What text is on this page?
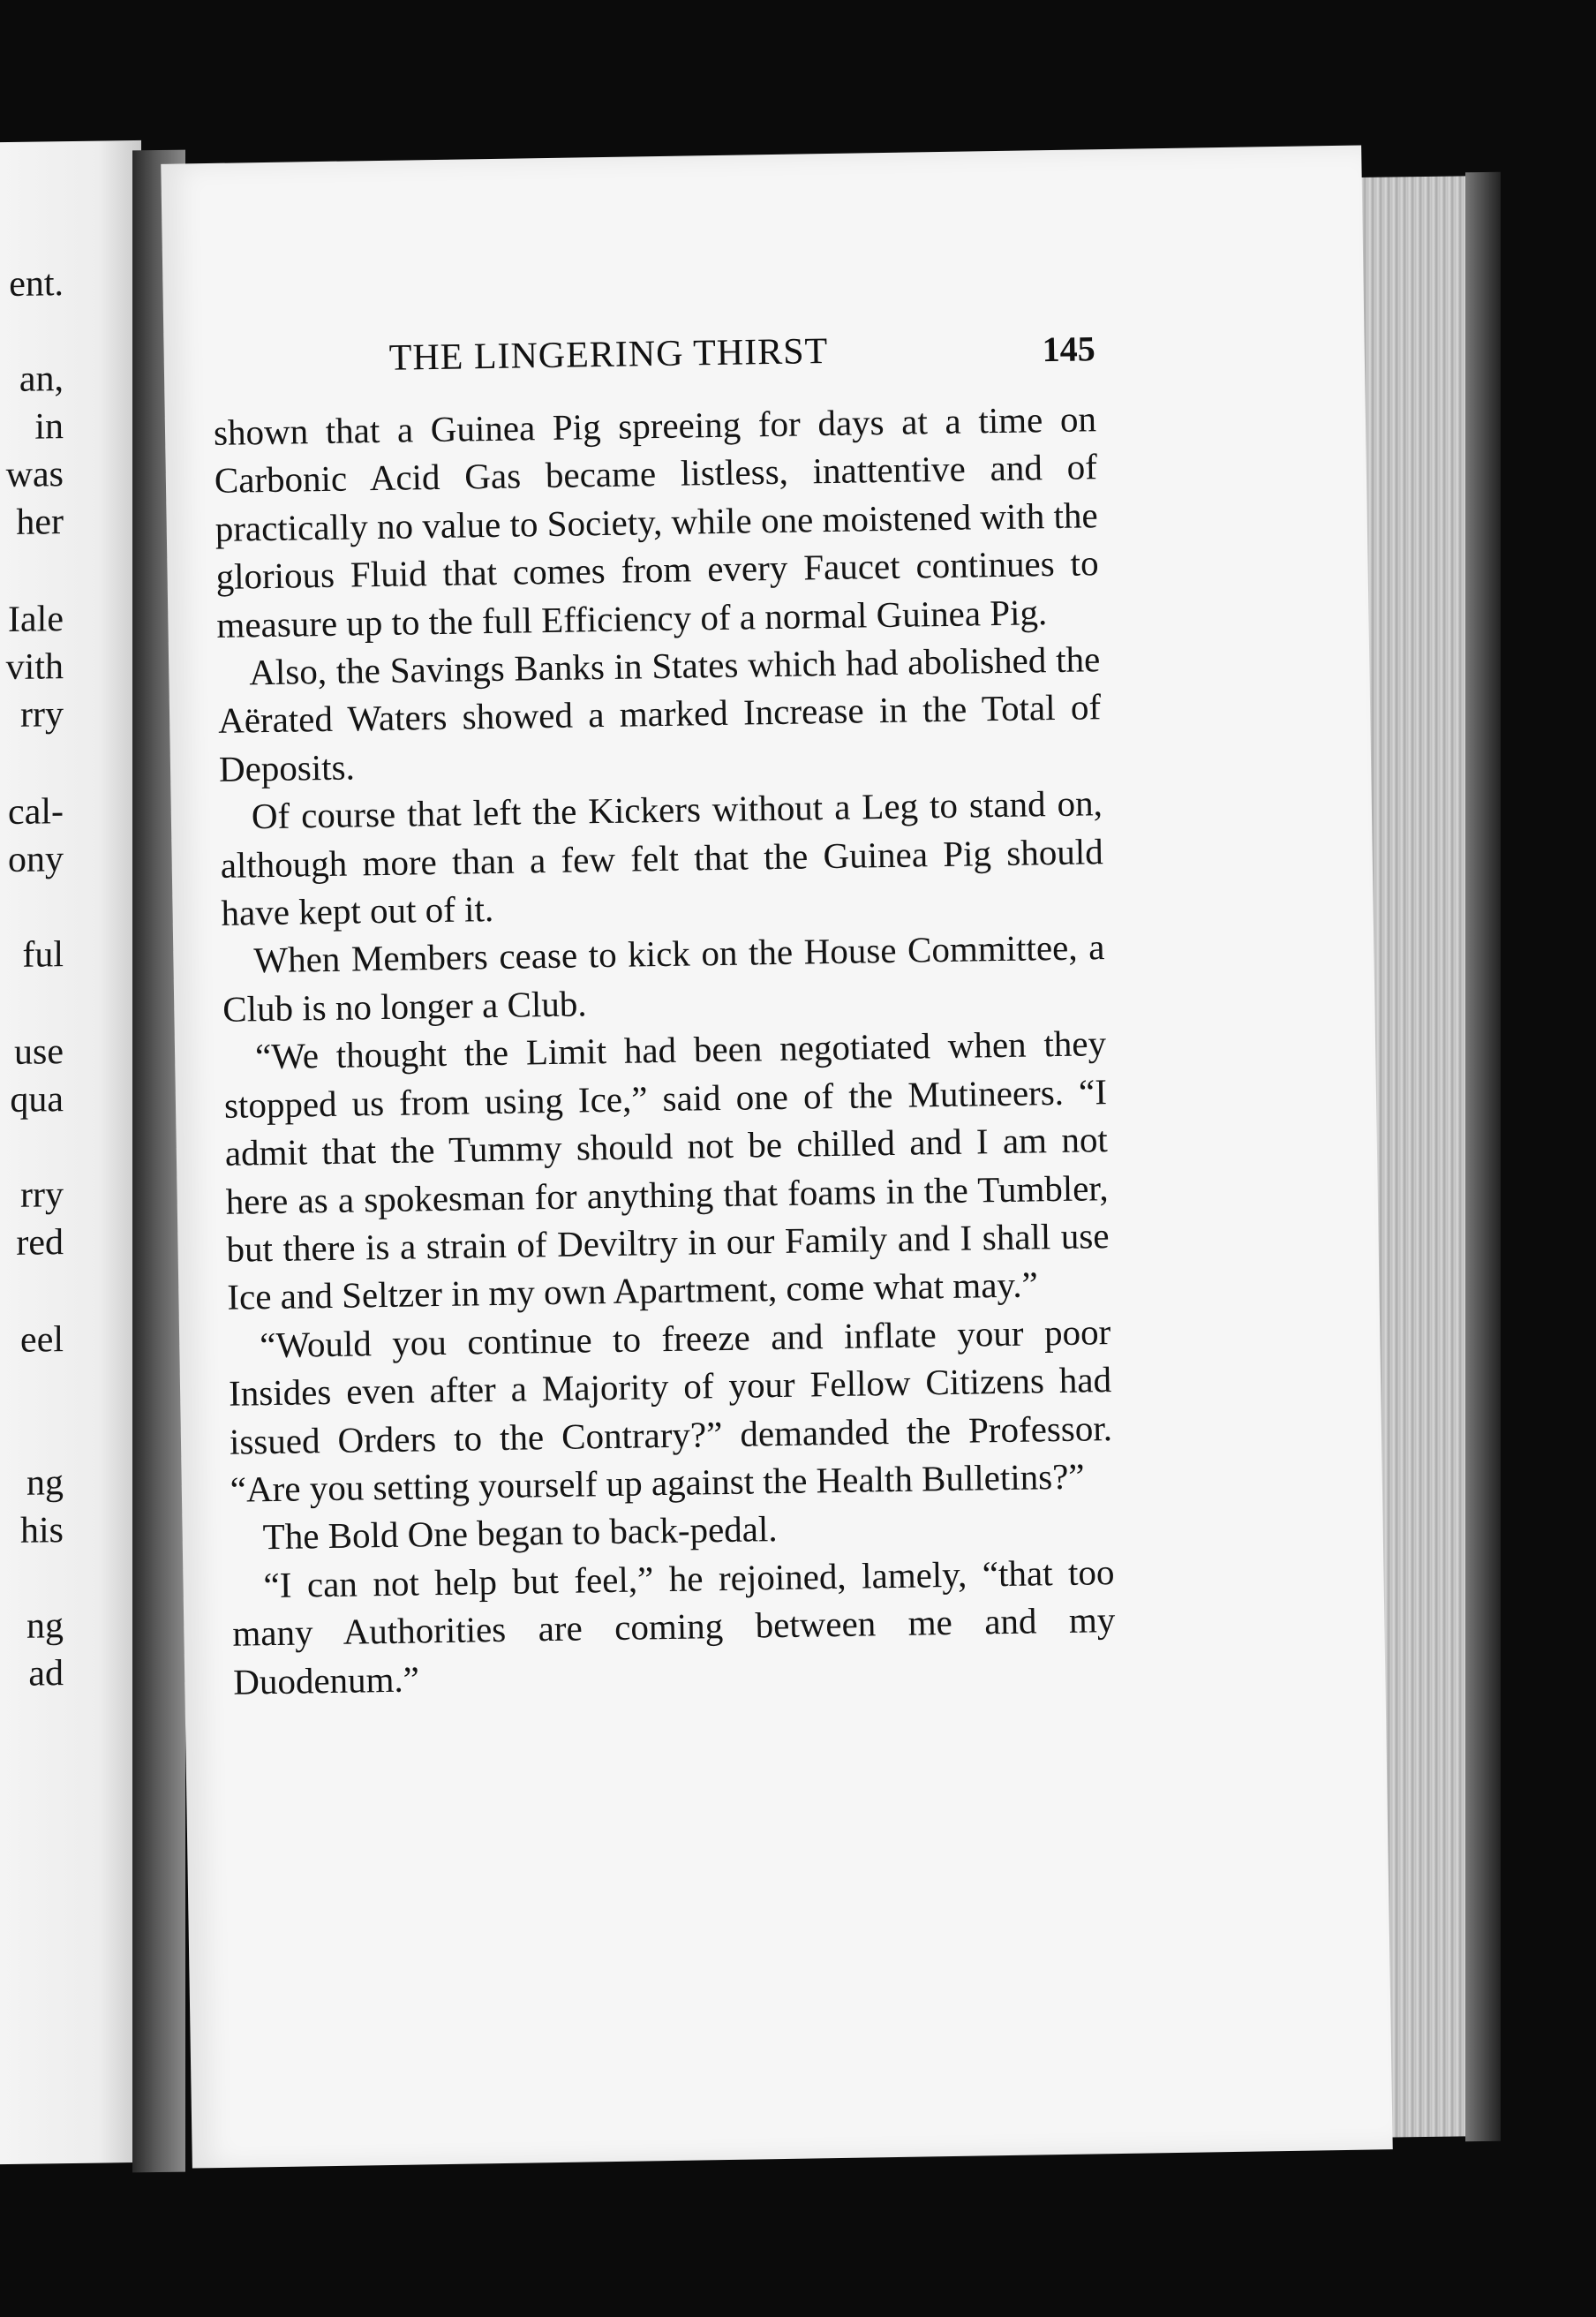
ent.
an,
in
was
her
Iale
vith
rry
cal-
ony
ful
use
qua
rry
red
eel
ng
his
ng
ad
THE LINGERING THIRST	145

shown that a Guinea Pig spreeing for days at a time on Carbonic Acid Gas became listless, inattentive and of practically no value to Society, while one moistened with the glorious Fluid that comes from every Faucet continues to measure up to the full Efficiency of a normal Guinea Pig.

Also, the Savings Banks in States which had abolished the Aërated Waters showed a marked Increase in the Total of Deposits.

Of course that left the Kickers without a Leg to stand on, although more than a few felt that the Guinea Pig should have kept out of it.

When Members cease to kick on the House Committee, a Club is no longer a Club.

“We thought the Limit had been negotiated when they stopped us from using Ice,” said one of the Mutineers. “I admit that the Tummy should not be chilled and I am not here as a spokesman for anything that foams in the Tumbler, but there is a strain of Deviltry in our Family and I shall use Ice and Seltzer in my own Apartment, come what may.”

“Would you continue to freeze and inflate your poor Insides even after a Majority of your Fellow Citizens had issued Orders to the Contrary?” demanded the Professor. “Are you setting yourself up against the Health Bulletins?”

The Bold One began to back-pedal.

“I can not help but feel,” he rejoined, lamely, “that too many Authorities are coming between me and my Duodenum.”
